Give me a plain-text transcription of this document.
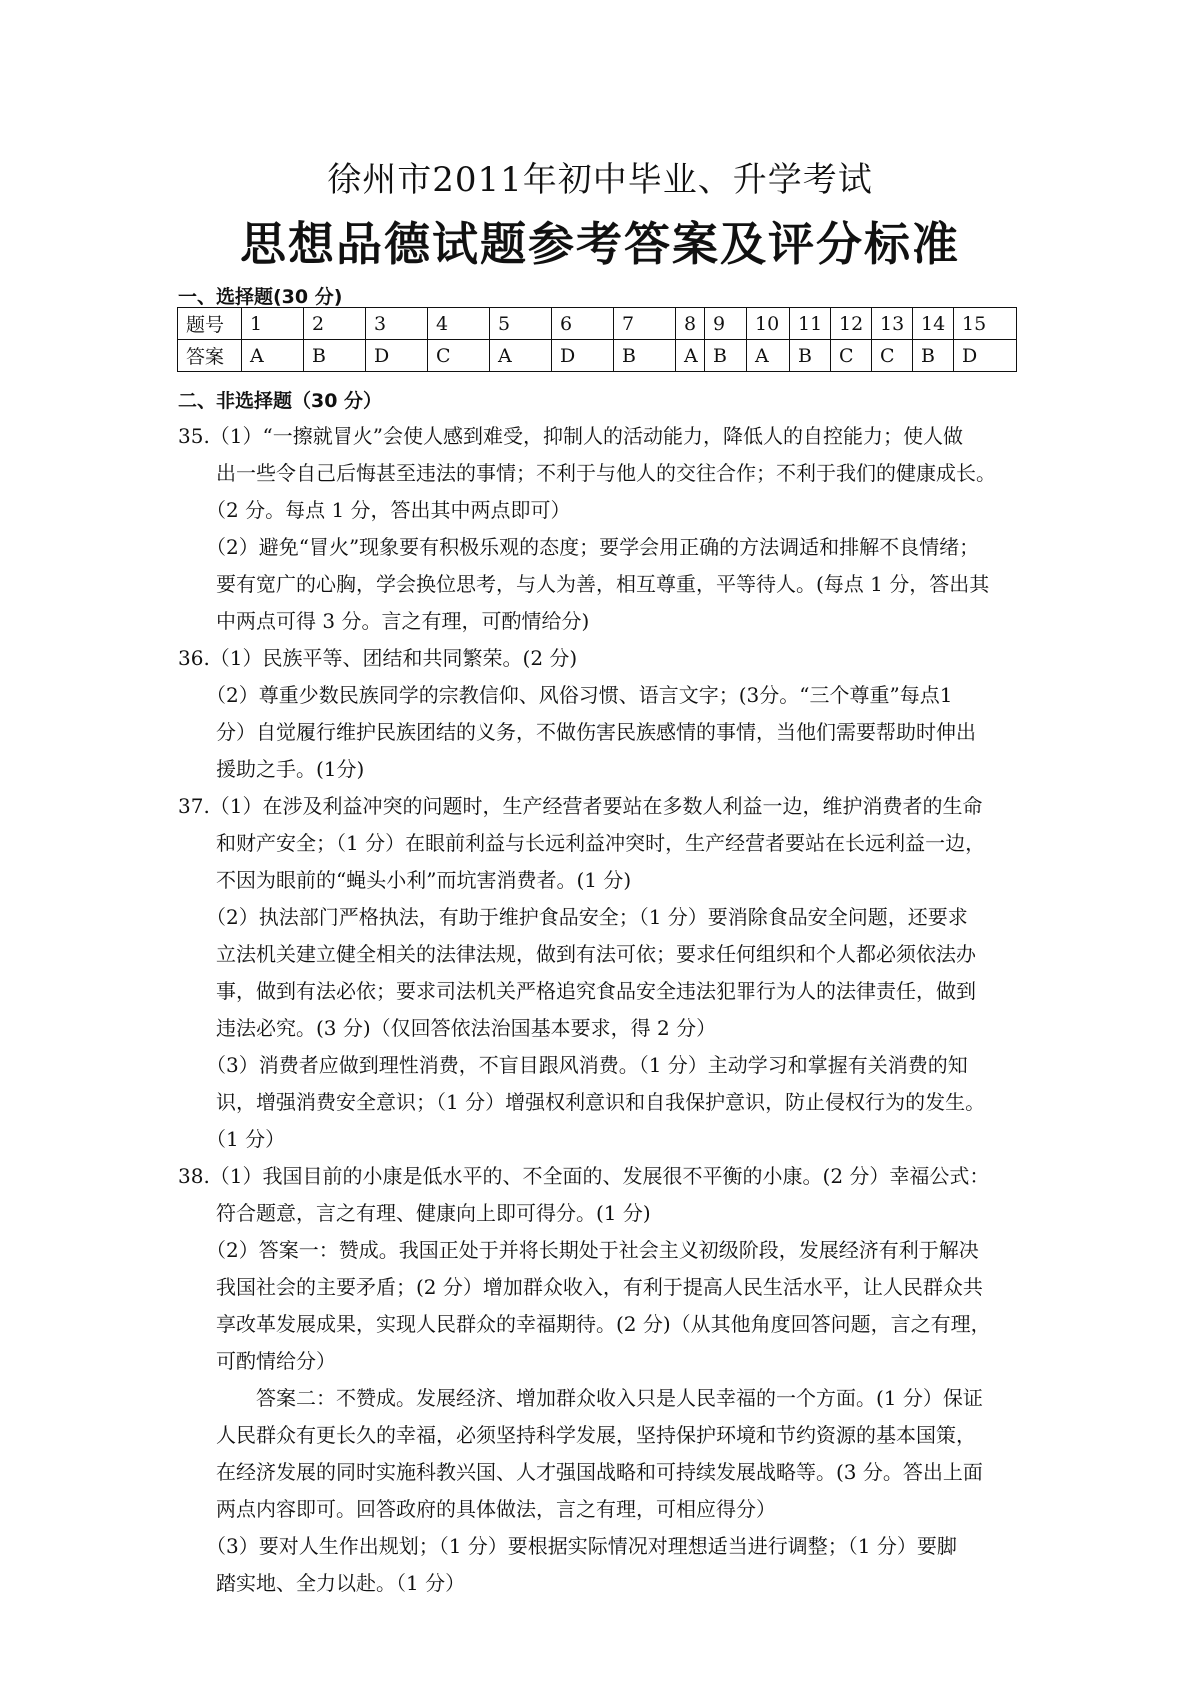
徐州市2011年初中毕业、升学考试
思想品德试题参考答案及评分标准
一、选择题(30 分)
题号	1	2	3	4	5	6	7	8	9	10	11	12	13	14	15
答案	A	B	D	C	A	D	B	A	B	A	B	C	C	B	D
二、非选择题（30 分）
35.（1）“一擦就冒火”会使人感到难受，抑制人的活动能力，降低人的自控能力；使人做
出一些令自己后悔甚至违法的事情；不利于与他人的交往合作；不利于我们的健康成长。
（2 分。每点 1 分，答出其中两点即可）
（2）避免“冒火”现象要有积极乐观的态度；要学会用正确的方法调适和排解不良情绪；
要有宽广的心胸，学会换位思考，与人为善，相互尊重，平等待人。(每点 1 分，答出其
中两点可得 3 分。言之有理，可酌情给分)
36.（1）民族平等、团结和共同繁荣。(2 分)
（2）尊重少数民族同学的宗教信仰、风俗习惯、语言文字；(3分。“三个尊重”每点1
分）自觉履行维护民族团结的义务，不做伤害民族感情的事情，当他们需要帮助时伸出
援助之手。(1分)
37.（1）在涉及利益冲突的问题时，生产经营者要站在多数人利益一边，维护消费者的生命
和财产安全；（1 分）在眼前利益与长远利益冲突时，生产经营者要站在长远利益一边，
不因为眼前的“蝇头小利”而坑害消费者。(1 分)
（2）执法部门严格执法，有助于维护食品安全；（1 分）要消除食品安全问题，还要求
立法机关建立健全相关的法律法规，做到有法可依；要求任何组织和个人都必须依法办
事，做到有法必依；要求司法机关严格追究食品安全违法犯罪行为人的法律责任，做到
违法必究。(3 分)（仅回答依法治国基本要求，得 2 分）
（3）消费者应做到理性消费，不盲目跟风消费。（1 分）主动学习和掌握有关消费的知
识，增强消费安全意识；（1 分）增强权利意识和自我保护意识，防止侵权行为的发生。
（1 分）
38.（1）我国目前的小康是低水平的、不全面的、发展很不平衡的小康。(2 分）幸福公式：
符合题意，言之有理、健康向上即可得分。(1 分)
（2）答案一：赞成。我国正处于并将长期处于社会主义初级阶段，发展经济有利于解决
我国社会的主要矛盾；(2 分）增加群众收入，有利于提高人民生活水平，让人民群众共
享改革发展成果，实现人民群众的幸福期待。(2 分)（从其他角度回答问题，言之有理，
可酌情给分）
答案二：不赞成。发展经济、增加群众收入只是人民幸福的一个方面。(1 分）保证
人民群众有更长久的幸福，必须坚持科学发展，坚持保护环境和节约资源的基本国策，
在经济发展的同时实施科教兴国、人才强国战略和可持续发展战略等。(3 分。答出上面
两点内容即可。回答政府的具体做法，言之有理，可相应得分）
（3）要对人生作出规划；（1 分）要根据实际情况对理想适当进行调整；（1 分）要脚
踏实地、全力以赴。（1 分）
